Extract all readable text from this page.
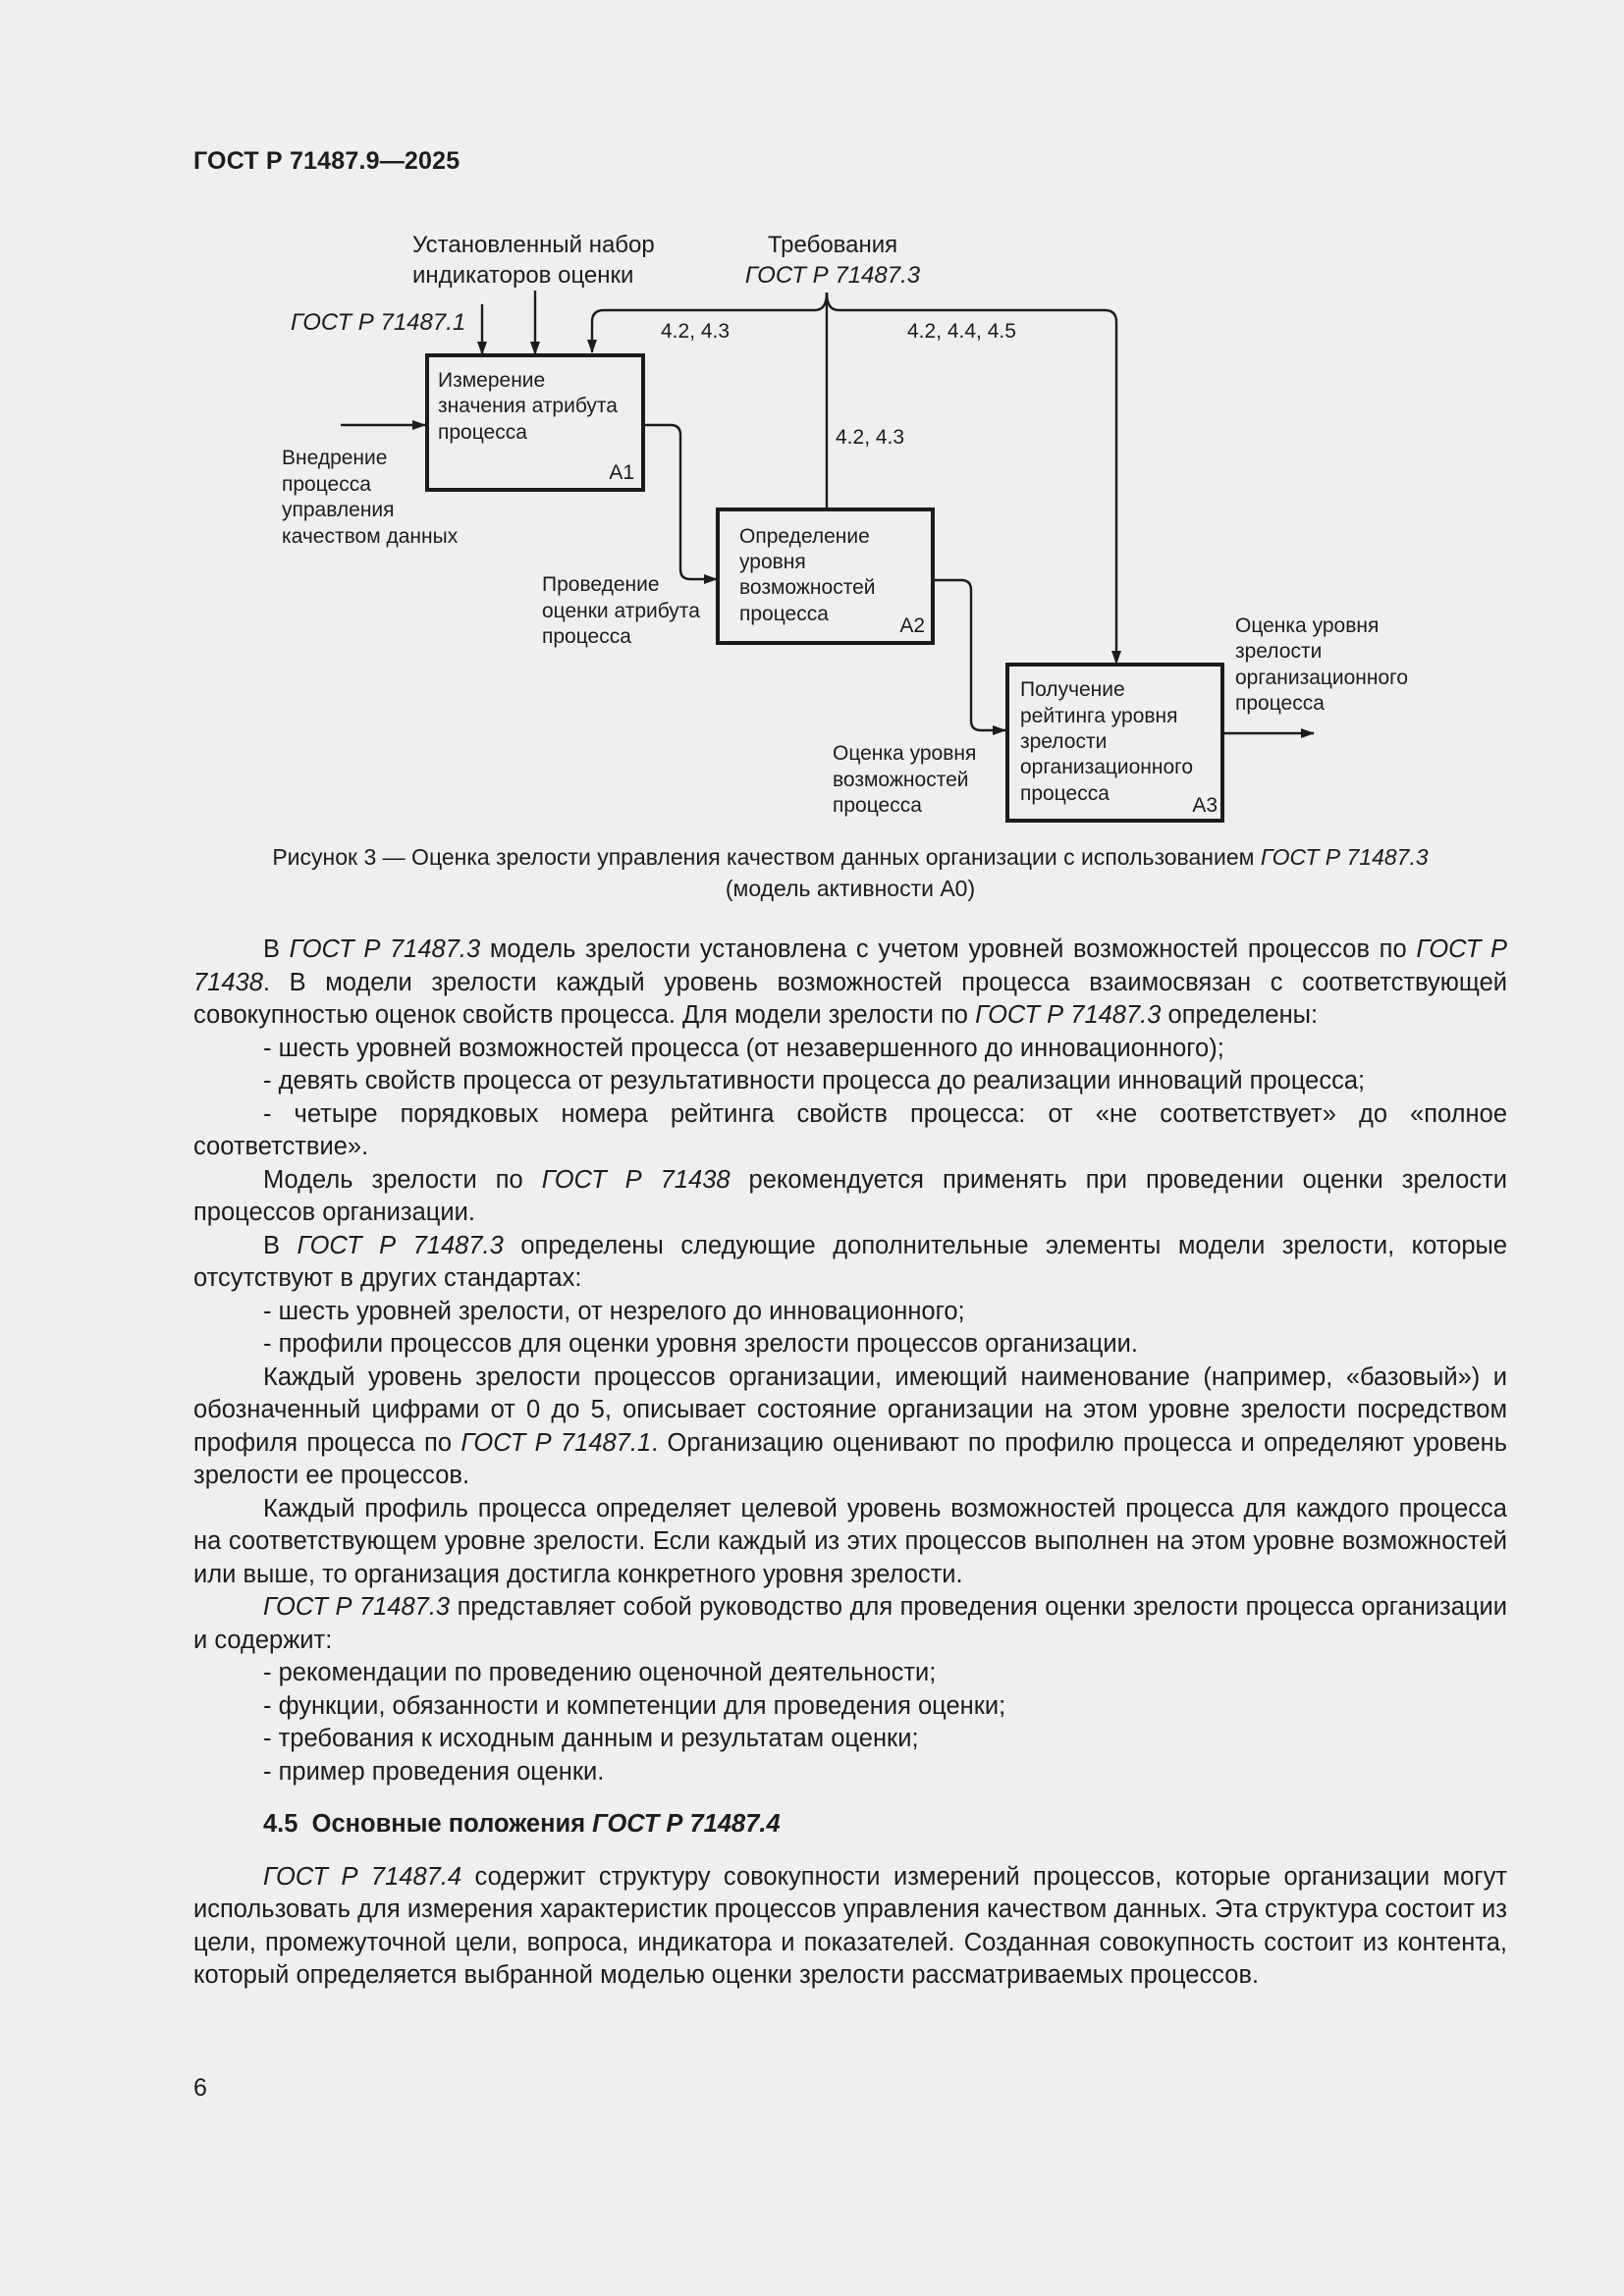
ГОСТ Р 71487.9—2025
Установленный набор
индикаторов оценки
Требования
ГОСТ Р 71487.3
ГОСТ Р 71487.1	4.2, 4.3
4.2, 4.3
4.2, 4.4, 4.5
Измерение
значения атрибута
процесса
A1
Определение
уровня
возможностей
процесса
A2
Получение
рейтинга уровня
зрелости
организационного
процесса
A3
Внедрение
процесса
управления
качеством данных
Проведение
оценки атрибута
процесса
Оценка уровня
возможностей
процесса
Оценка уровня
зрелости
организационного
процесса
Рисунок 3 — Оценка зрелости управления качеством данных организации с использованием ГОСТ Р 71487.3
(модель активности A0)

В ГОСТ Р 71487.3 модель зрелости установлена с учетом уровней возможностей процессов по ГОСТ Р 71438. В модели зрелости каждый уровень возможностей процесса взаимосвязан с соответствующей совокупностью оценок свойств процесса. Для модели зрелости по ГОСТ Р 71487.3 определены:

- шесть уровней возможностей процесса (от незавершенного до инновационного);

- девять свойств процесса от результативности процесса до реализации инноваций процесса;

- четыре порядковых номера рейтинга свойств процесса: от «не соответствует» до «полное соответствие».

Модель зрелости по ГОСТ Р 71438 рекомендуется применять при проведении оценки зрелости процессов организации.

В ГОСТ Р 71487.3 определены следующие дополнительные элементы модели зрелости, которые отсутствуют в других стандартах:

- шесть уровней зрелости, от незрелого до инновационного;

- профили процессов для оценки уровня зрелости процессов организации.

Каждый уровень зрелости процессов организации, имеющий наименование (например, «базовый») и обозначенный цифрами от 0 до 5, описывает состояние организации на этом уровне зрелости посредством профиля процесса по ГОСТ Р 71487.1. Организацию оценивают по профилю процесса и определяют уровень зрелости ее процессов.

Каждый профиль процесса определяет целевой уровень возможностей процесса для каждого процесса на соответствующем уровне зрелости. Если каждый из этих процессов выполнен на этом уровне возможностей или выше, то организация достигла конкретного уровня зрелости.

ГОСТ Р 71487.3 представляет собой руководство для проведения оценки зрелости процесса организации и содержит:

- рекомендации по проведению оценочной деятельности;

- функции, обязанности и компетенции для проведения оценки;

- требования к исходным данным и результатам оценки;

- пример проведения оценки.

4.5 Основные положения ГОСТ Р 71487.4

ГОСТ Р 71487.4 содержит структуру совокупности измерений процессов, которые организации могут использовать для измерения характеристик процессов управления качеством данных. Эта структура состоит из цели, промежуточной цели, вопроса, индикатора и показателей. Созданная совокупность состоит из контента, который определяется выбранной моделью оценки зрелости рассматриваемых процессов.

6
